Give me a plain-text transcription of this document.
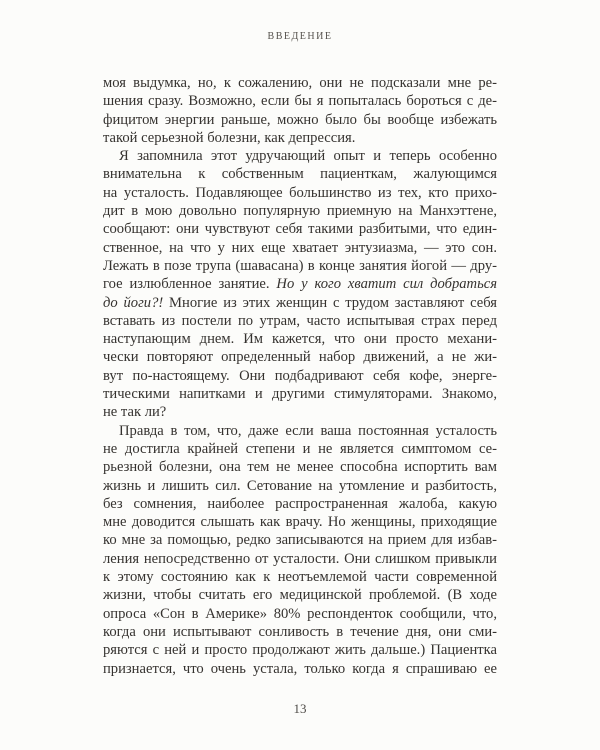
ВВЕДЕНИЕ
моя выдумка, но, к сожалению, они не подсказали мне ре-
шения сразу. Возможно, если бы я попыталась бороться с де-
фицитом энергии раньше, можно было бы вообще избежать
такой серьезной болезни, как депрессия.
Я запомнила этот удручающий опыт и теперь особенно
внимательна к собственным пациенткам, жалующимся
на усталость. Подавляющее большинство из тех, кто прихо-
дит в мою довольно популярную приемную на Манхэттене,
сообщают: они чувствуют себя такими разбитыми, что един-
ственное, на что у них еще хватает энтузиазма, — это сон.
Лежать в позе трупа (шавасана) в конце занятия йогой — дру-
гое излюбленное занятие. Но у кого хватит сил добраться
до йоги?! Многие из этих женщин с трудом заставляют себя
вставать из постели по утрам, часто испытывая страх перед
наступающим днем. Им кажется, что они просто механи-
чески повторяют определенный набор движений, а не жи-
вут по-настоящему. Они подбадривают себя кофе, энерге-
тическими напитками и другими стимуляторами. Знакомо,
не так ли?
Правда в том, что, даже если ваша постоянная усталость
не достигла крайней степени и не является симптомом се-
рьезной болезни, она тем не менее способна испортить вам
жизнь и лишить сил. Сетование на утомление и разбитость,
без сомнения, наиболее распространенная жалоба, какую
мне доводится слышать как врачу. Но женщины, приходящие
ко мне за помощью, редко записываются на прием для избав-
ления непосредственно от усталости. Они слишком привыкли
к этому состоянию как к неотъемлемой части современной
жизни, чтобы считать его медицинской проблемой. (В ходе
опроса «Сон в Америке» 80% респонденток сообщили, что,
когда они испытывают сонливость в течение дня, они сми-
ряются с ней и просто продолжают жить дальше.) Пациентка
признается, что очень устала, только когда я спрашиваю ее
13
